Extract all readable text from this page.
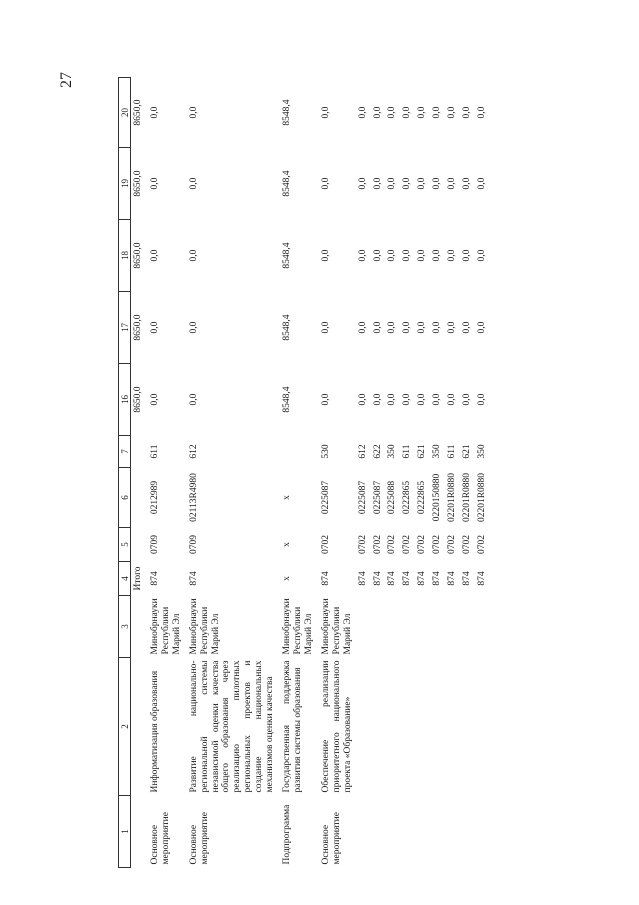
27
1	2	3	4	5	6	7	16	17	18	19	20
			Итого				8650,0	8650,0	8650,0	8650,0	8650,0
Основное мероприятие	Информатизация образования	Минобрнауки Республики Марий Эл	874	0709	0212989	611	0,0	0,0	0,0	0,0	0,0
Основное мероприятие	Развитие национально-региональной системы независимой оценки качества общего образования через реализацию пилотных региональных проектов и создание национальных механизмов оценки качества	Минобрнауки Республики Марий Эл	874	0709	02113R4980	612	0,0	0,0	0,0	0,0	0,0
Подпрограмма	Государственная поддержка развития системы образования	Минобрнауки Республики Марий Эл	x	x	x		8548,4	8548,4	8548,4	8548,4	8548,4
Основное мероприятие	Обеспечение реализации приоритетного национального проекта «Образование»	Минобрнауки Республики Марий Эл	874	0702	0225087	530	0,0	0,0	0,0	0,0	0,0
			874	0702	0225087	612	0,0	0,0	0,0	0,0	0,0
			874	0702	0225087	622	0,0	0,0	0,0	0,0	0,0
			874	0702	0225088	350	0,0	0,0	0,0	0,0	0,0
			874	0702	0222865	611	0,0	0,0	0,0	0,0	0,0
			874	0702	0222865	621	0,0	0,0	0,0	0,0	0,0
			874	0702	0220150880	350	0,0	0,0	0,0	0,0	0,0
			874	0702	02201R0880	611	0,0	0,0	0,0	0,0	0,0
			874	0702	02201R0880	621	0,0	0,0	0,0	0,0	0,0
			874	0702	02201R0880	350	0,0	0,0	0,0	0,0	0,0
